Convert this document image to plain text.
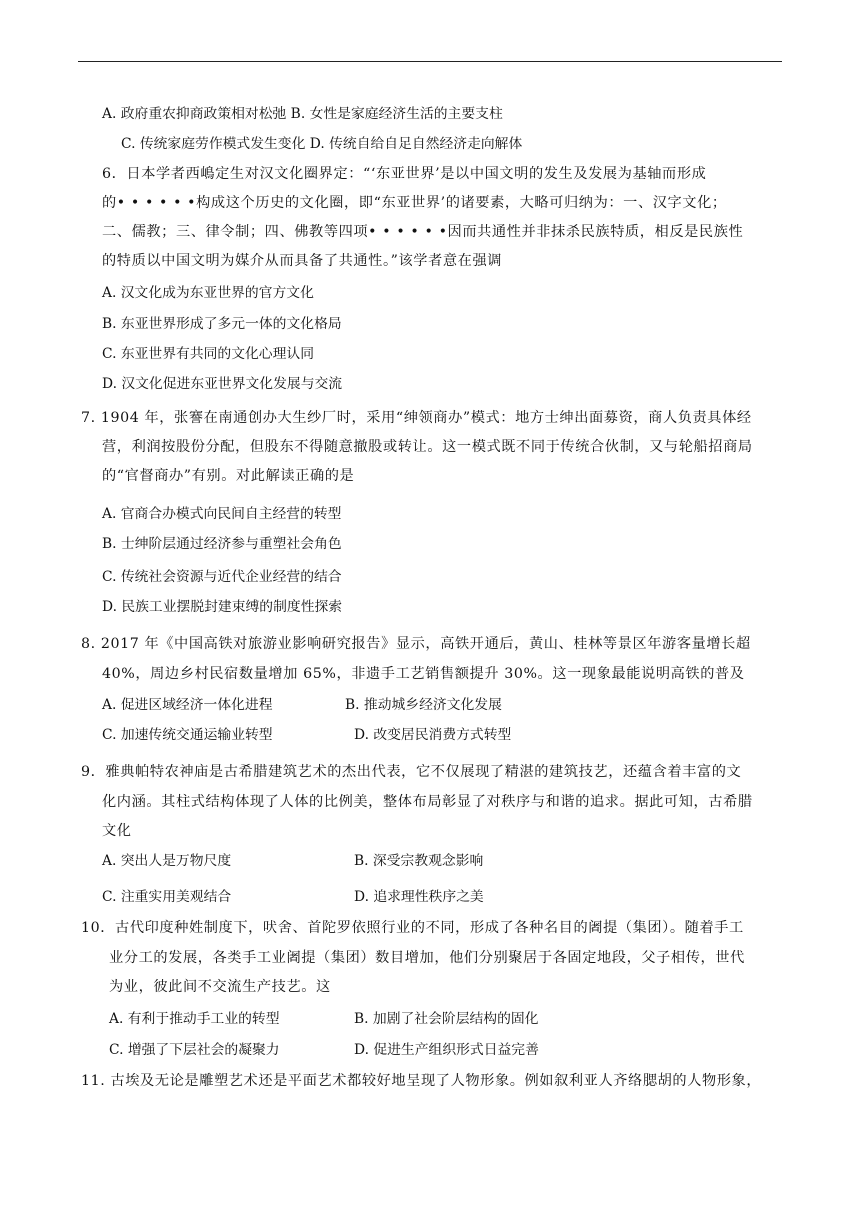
A. 政府重农抑商政策相对松弛 B. 女性是家庭经济生活的主要支柱
C. 传统家庭劳作模式发生变化 D. 传统自给自足自然经济走向解体
6．日本学者西嶋定生对汉文化圈界定：“‘东亚世界’是以中国文明的发生及发展为基轴而形成
的• • • • • •构成这个历史的文化圈，即“东亚世界’的诸要素，大略可归纳为：一、汉字文化；
二、儒教；三、律令制；四、佛教等四项• • • • • •因而共通性并非抹杀民族特质，相反是民族性
的特质以中国文明为媒介从而具备了共通性。”该学者意在强调
A. 汉文化成为东亚世界的官方文化
B. 东亚世界形成了多元一体的文化格局
C. 东亚世界有共同的文化心理认同
D. 汉文化促进东亚世界文化发展与交流
7. 1904 年，张謇在南通创办大生纱厂时，采用“绅领商办”模式：地方士绅出面募资，商人负责具体经
营，利润按股份分配，但股东不得随意撤股或转让。这一模式既不同于传统合伙制，又与轮船招商局
的“官督商办”有别。对此解读正确的是
A. 官商合办模式向民间自主经营的转型
B. 士绅阶层通过经济参与重塑社会角色
C. 传统社会资源与近代企业经营的结合
D. 民族工业摆脱封建束缚的制度性探索
8. 2017 年《中国高铁对旅游业影响研究报告》显示，高铁开通后，黄山、桂林等景区年游客量增长超
40%，周边乡村民宿数量增加 65%，非遗手工艺销售额提升 30%。这一现象最能说明高铁的普及
A. 促进区域经济一体化进程	B. 推动城乡经济文化发展
C. 加速传统交通运输业转型	D. 改变居民消费方式转型
9．雅典帕特农神庙是古希腊建筑艺术的杰出代表，它不仅展现了精湛的建筑技艺，还蕴含着丰富的文
化内涵。其柱式结构体现了人体的比例美，整体布局彰显了对秩序与和谐的追求。据此可知，古希腊
文化
A. 突出人是万物尺度	B. 深受宗教观念影响
C. 注重实用美观结合	D. 追求理性秩序之美
10．古代印度种姓制度下，吠舍、首陀罗依照行业的不同，形成了各种名目的阇提（集团）。随着手工
业分工的发展，各类手工业阇提（集团）数目增加，他们分别聚居于各固定地段，父子相传，世代
为业，彼此间不交流生产技艺。这
A. 有利于推动手工业的转型	B. 加剧了社会阶层结构的固化
C. 增强了下层社会的凝聚力	D. 促进生产组织形式日益完善
11. 古埃及无论是雕塑艺术还是平面艺术都较好地呈现了人物形象。例如叙利亚人齐络腮胡的人物形象，
